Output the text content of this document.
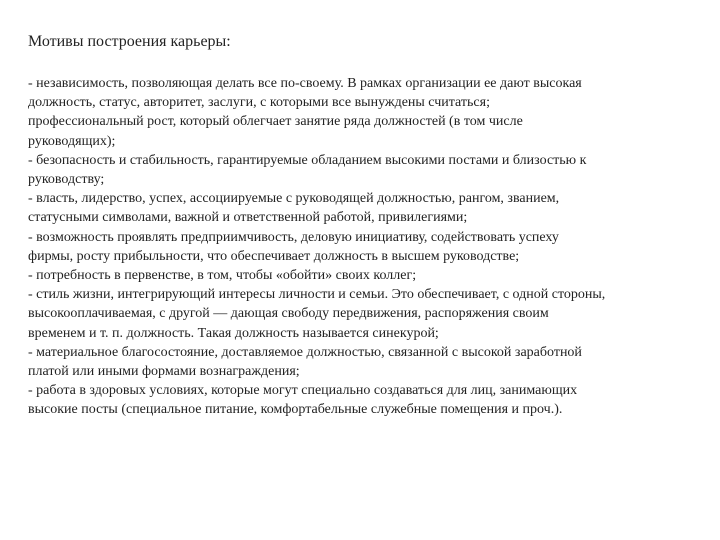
Мотивы построения карьеры:
- независимость, позволяющая делать все по-своему. В рамках организации ее дают высокая
должность, статус, авторитет, заслуги, с которыми все вынуждены считаться;
профессиональный рост, который облегчает занятие ряда должностей (в том числе
руководящих);
- безопасность и стабильность, гарантируемые обладанием высокими постами и близостью к
руководству;
- власть, лидерство, успех, ассоциируемые с руководящей должностью, рангом, званием,
статусными символами, важной и ответственной работой, привилегиями;
- возможность проявлять предприимчивость, деловую инициативу, содействовать успеху
фирмы, росту прибыльности, что обеспечивает должность в высшем руководстве;
- потребность в первенстве, в том, чтобы «обойти» своих коллег;
- стиль жизни, интегрирующий интересы личности и семьи. Это обеспечивает, с одной стороны,
высокооплачиваемая, с другой — дающая свободу передвижения, распоряжения своим
временем и т. п. должность. Такая должность называется синекурой;
- материальное благосостояние, доставляемое должностью, связанной с высокой заработной
платой или иными формами вознаграждения;
- работа в здоровых условиях, которые могут специально создаваться для лиц, занимающих
высокие посты (специальное питание, комфортабельные служебные помещения и проч.).
